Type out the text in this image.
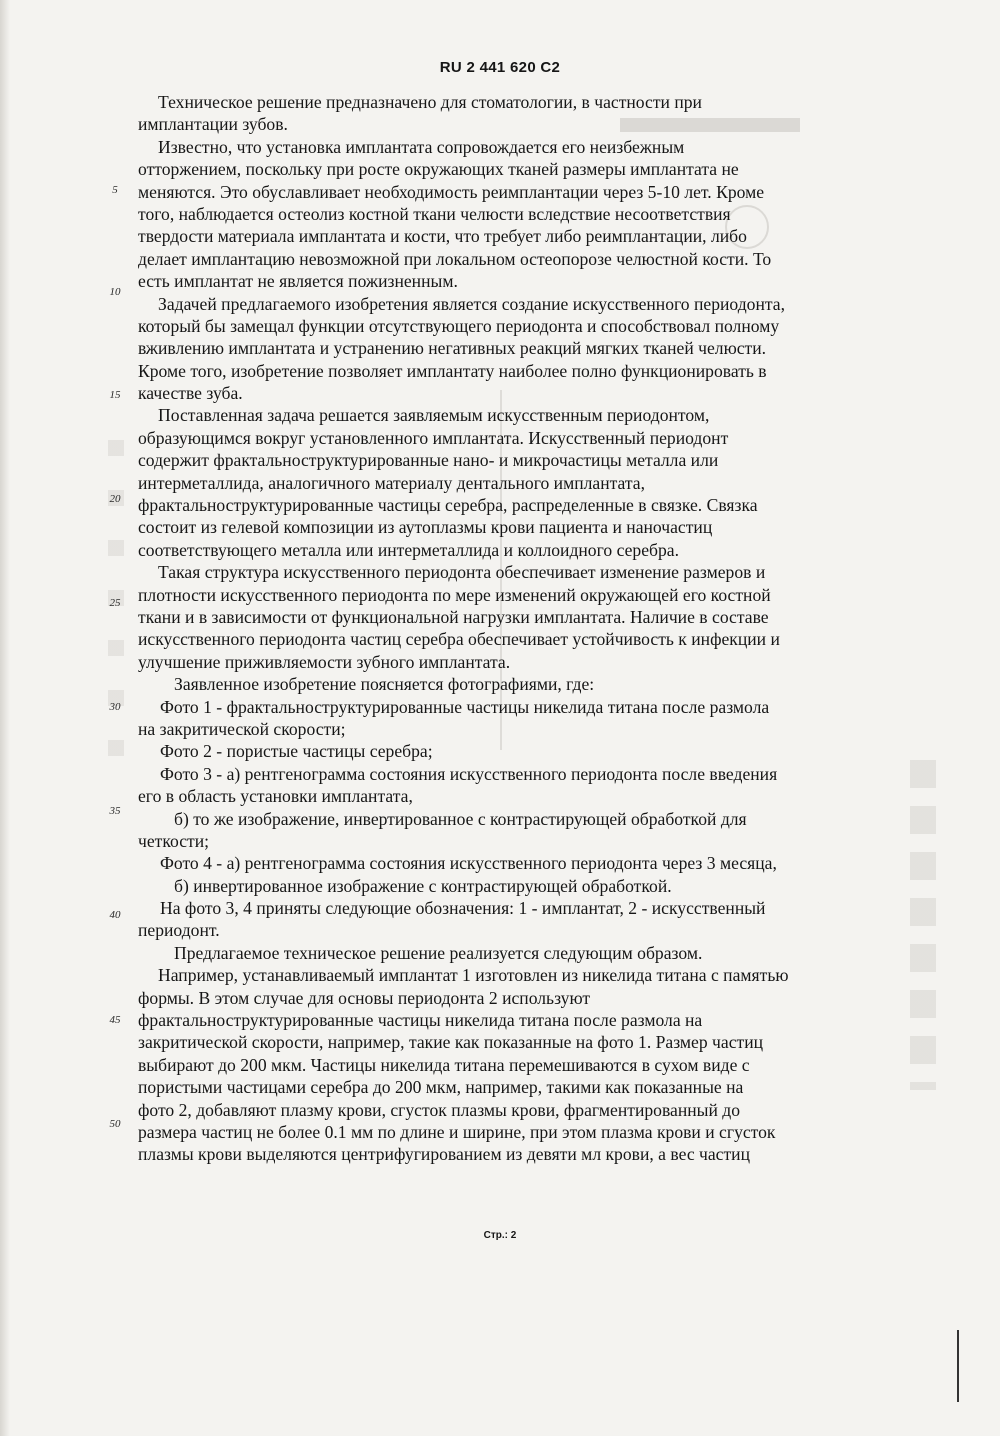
RU 2 441 620 C2
5
10
15
20
25
30
35
40
45
50
Техническое решение предназначено для стоматологии, в частности при
имплантации зубов.
Известно, что установка имплантата сопровождается его неизбежным
отторжением, поскольку при росте окружающих тканей размеры имплантата не
меняются. Это обуславливает необходимость реимплантации через 5-10 лет. Кроме
того, наблюдается остеолиз костной ткани челюсти вследствие несоответствия
твердости материала имплантата и кости, что требует либо реимплантации, либо
делает имплантацию невозможной при локальном остеопорозе челюстной кости. То
есть имплантат не является пожизненным.
Задачей предлагаемого изобретения является создание искусственного периодонта,
который бы замещал функции отсутствующего периодонта и способствовал полному
вживлению имплантата и устранению негативных реакций мягких тканей челюсти.
Кроме того, изобретение позволяет имплантату наиболее полно функционировать в
качестве зуба.
Поставленная задача решается заявляемым искусственным периодонтом,
образующимся вокруг установленного имплантата. Искусственный периодонт
содержит фрактальноструктурированные нано- и микрочастицы металла или
интерметаллида, аналогичного материалу дентального имплантата,
фрактальноструктурированные частицы серебра, распределенные в связке. Связка
состоит из гелевой композиции из аутоплазмы крови пациента и наночастиц
соответствующего металла или интерметаллида и коллоидного серебра.
Такая структура искусственного периодонта обеспечивает изменение размеров и
плотности искусственного периодонта по мере изменений окружающей его костной
ткани и в зависимости от функциональной нагрузки имплантата. Наличие в составе
искусственного периодонта частиц серебра обеспечивает устойчивость к инфекции и
улучшение приживляемости зубного имплантата.
Заявленное изобретение поясняется фотографиями, где:
Фото 1 - фрактальноструктурированные частицы никелида титана после размола
на закритической скорости;
Фото 2 - пористые частицы серебра;
Фото 3 - а) рентгенограмма состояния искусственного периодонта после введения
его в область установки имплантата,
б) то же изображение, инвертированное с контрастирующей обработкой для
четкости;
Фото 4 - а) рентгенограмма состояния искусственного периодонта через 3 месяца,
б) инвертированное изображение с контрастирующей обработкой.
На фото 3, 4 приняты следующие обозначения: 1 - имплантат, 2 - искусственный
периодонт.
Предлагаемое техническое решение реализуется следующим образом.
Например, устанавливаемый имплантат 1 изготовлен из никелида титана с памятью
формы. В этом случае для основы периодонта 2 используют
фрактальноструктурированные частицы никелида титана после размола на
закритической скорости, например, такие как показанные на фото 1. Размер частиц
выбирают до 200 мкм. Частицы никелида титана перемешиваются в сухом виде с
пористыми частицами серебра до 200 мкм, например, такими как показанные на
фото 2, добавляют плазму крови, сгусток плазмы крови, фрагментированный до
размера частиц не более 0.1 мм по длине и ширине, при этом плазма крови и сгусток
плазмы крови выделяются центрифугированием из девяти мл крови, а вес частиц
Стр.: 2
